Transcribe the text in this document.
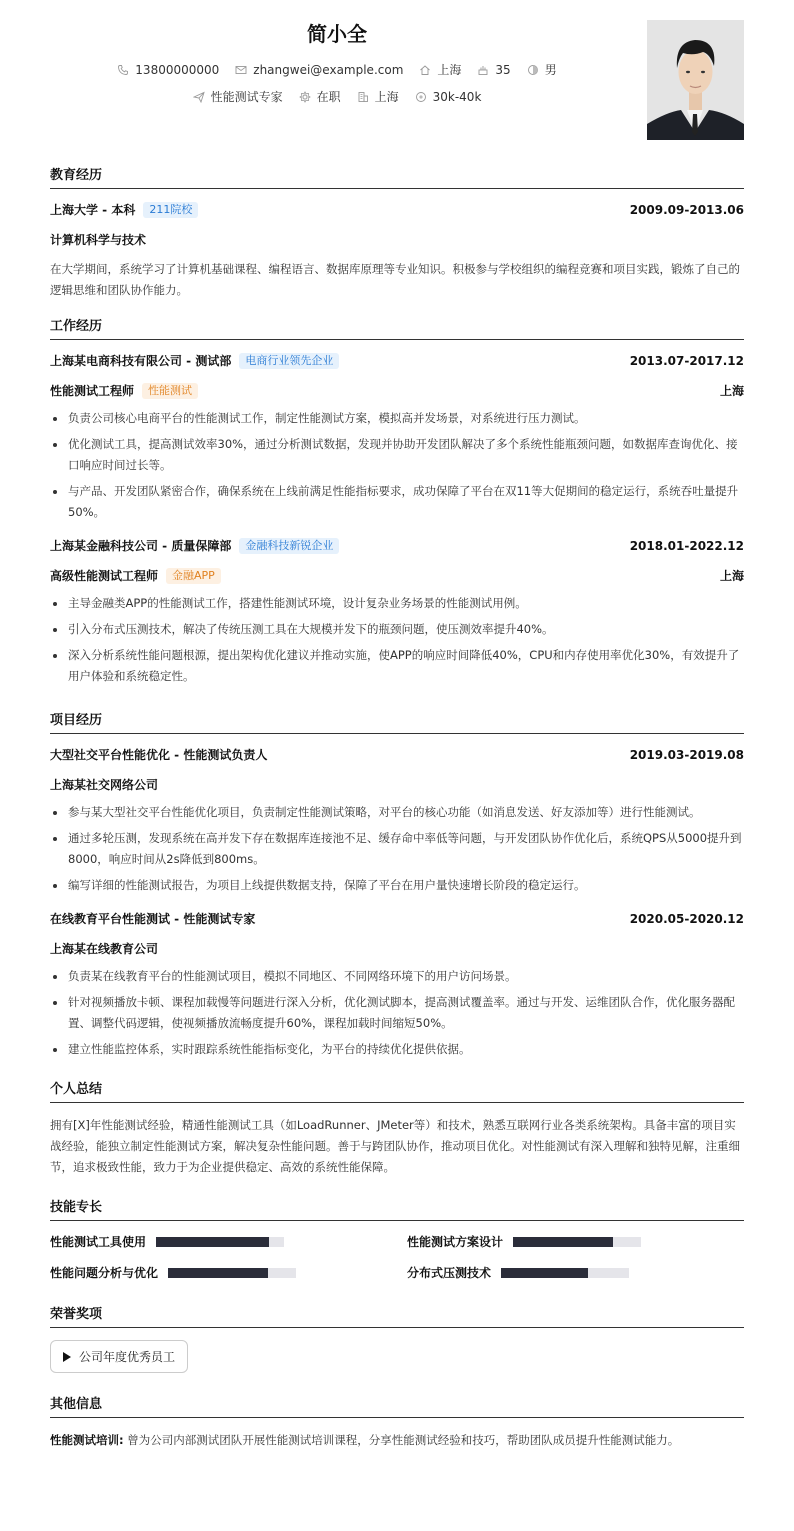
简小全
13800000000	zhangwei@example.com	上海	35	男
性能测试专家	在职	上海	30k-40k
教育经历
上海大学 - 本科	211院校	2009.09-2013.06
计算机科学与技术
在大学期间，系统学习了计算机基础课程、编程语言、数据库原理等专业知识。积极参与学校组织的编程竞赛和项目实践，锻炼了自己的逻辑思维和团队协作能力。
工作经历
上海某电商科技有限公司 - 测试部	电商行业领先企业	2013.07-2017.12
性能测试工程师	性能测试	上海
负责公司核心电商平台的性能测试工作，制定性能测试方案，模拟高并发场景，对系统进行压力测试。
优化测试工具，提高测试效率30%，通过分析测试数据，发现并协助开发团队解决了多个系统性能瓶颈问题，如数据库查询优化、接口响应时间过长等。
与产品、开发团队紧密合作，确保系统在上线前满足性能指标要求，成功保障了平台在双11等大促期间的稳定运行，系统吞吐量提升50%。
上海某金融科技公司 - 质量保障部	金融科技新锐企业	2018.01-2022.12
高级性能测试工程师	金融APP	上海
主导金融类APP的性能测试工作，搭建性能测试环境，设计复杂业务场景的性能测试用例。
引入分布式压测技术，解决了传统压测工具在大规模并发下的瓶颈问题，使压测效率提升40%。
深入分析系统性能问题根源，提出架构优化建议并推动实施，使APP的响应时间降低40%，CPU和内存使用率优化30%，有效提升了用户体验和系统稳定性。
项目经历
大型社交平台性能优化 - 性能测试负责人	2019.03-2019.08
上海某社交网络公司
参与某大型社交平台性能优化项目，负责制定性能测试策略，对平台的核心功能（如消息发送、好友添加等）进行性能测试。
通过多轮压测，发现系统在高并发下存在数据库连接池不足、缓存命中率低等问题，与开发团队协作优化后，系统QPS从5000提升到8000，响应时间从2s降低到800ms。
编写详细的性能测试报告，为项目上线提供数据支持，保障了平台在用户量快速增长阶段的稳定运行。
在线教育平台性能测试 - 性能测试专家	2020.05-2020.12
上海某在线教育公司
负责某在线教育平台的性能测试项目，模拟不同地区、不同网络环境下的用户访问场景。
针对视频播放卡顿、课程加载慢等问题进行深入分析，优化测试脚本，提高测试覆盖率。通过与开发、运维团队合作，优化服务器配置、调整代码逻辑，使视频播放流畅度提升60%，课程加载时间缩短50%。
建立性能监控体系，实时跟踪系统性能指标变化，为平台的持续优化提供依据。
个人总结
拥有[X]年性能测试经验，精通性能测试工具（如LoadRunner、JMeter等）和技术，熟悉互联网行业各类系统架构。具备丰富的项目实战经验，能独立制定性能测试方案，解决复杂性能问题。善于与跨团队协作，推动项目优化。对性能测试有深入理解和独特见解，注重细节，追求极致性能，致力于为企业提供稳定、高效的系统性能保障。
技能专长
性能测试工具使用	性能测试方案设计
性能问题分析与优化	分布式压测技术
荣誉奖项
公司年度优秀员工
其他信息
性能测试培训: 曾为公司内部测试团队开展性能测试培训课程，分享性能测试经验和技巧，帮助团队成员提升性能测试能力。
